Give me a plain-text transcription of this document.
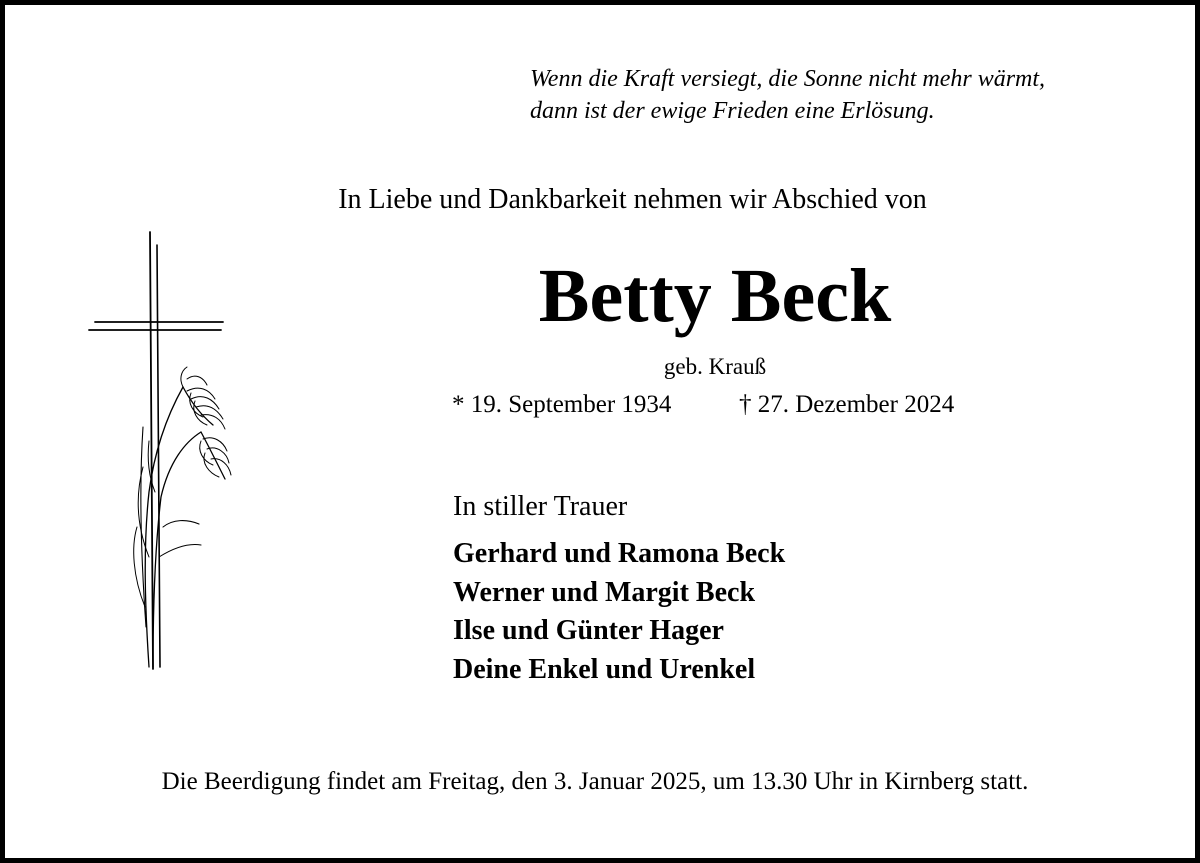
Wenn die Kraft versiegt, die Sonne nicht mehr wärmt,
dann ist der ewige Frieden eine Erlösung.
In Liebe und Dankbarkeit nehmen wir Abschied von
Betty Beck
geb. Krauß
* 19. September 1934	† 27. Dezember 2024
In stiller Trauer
Gerhard und Ramona Beck
Werner und Margit Beck
Ilse und Günter Hager
Deine Enkel und Urenkel
Die Beerdigung findet am Freitag, den 3. Januar 2025, um 13.30 Uhr in Kirnberg statt.
